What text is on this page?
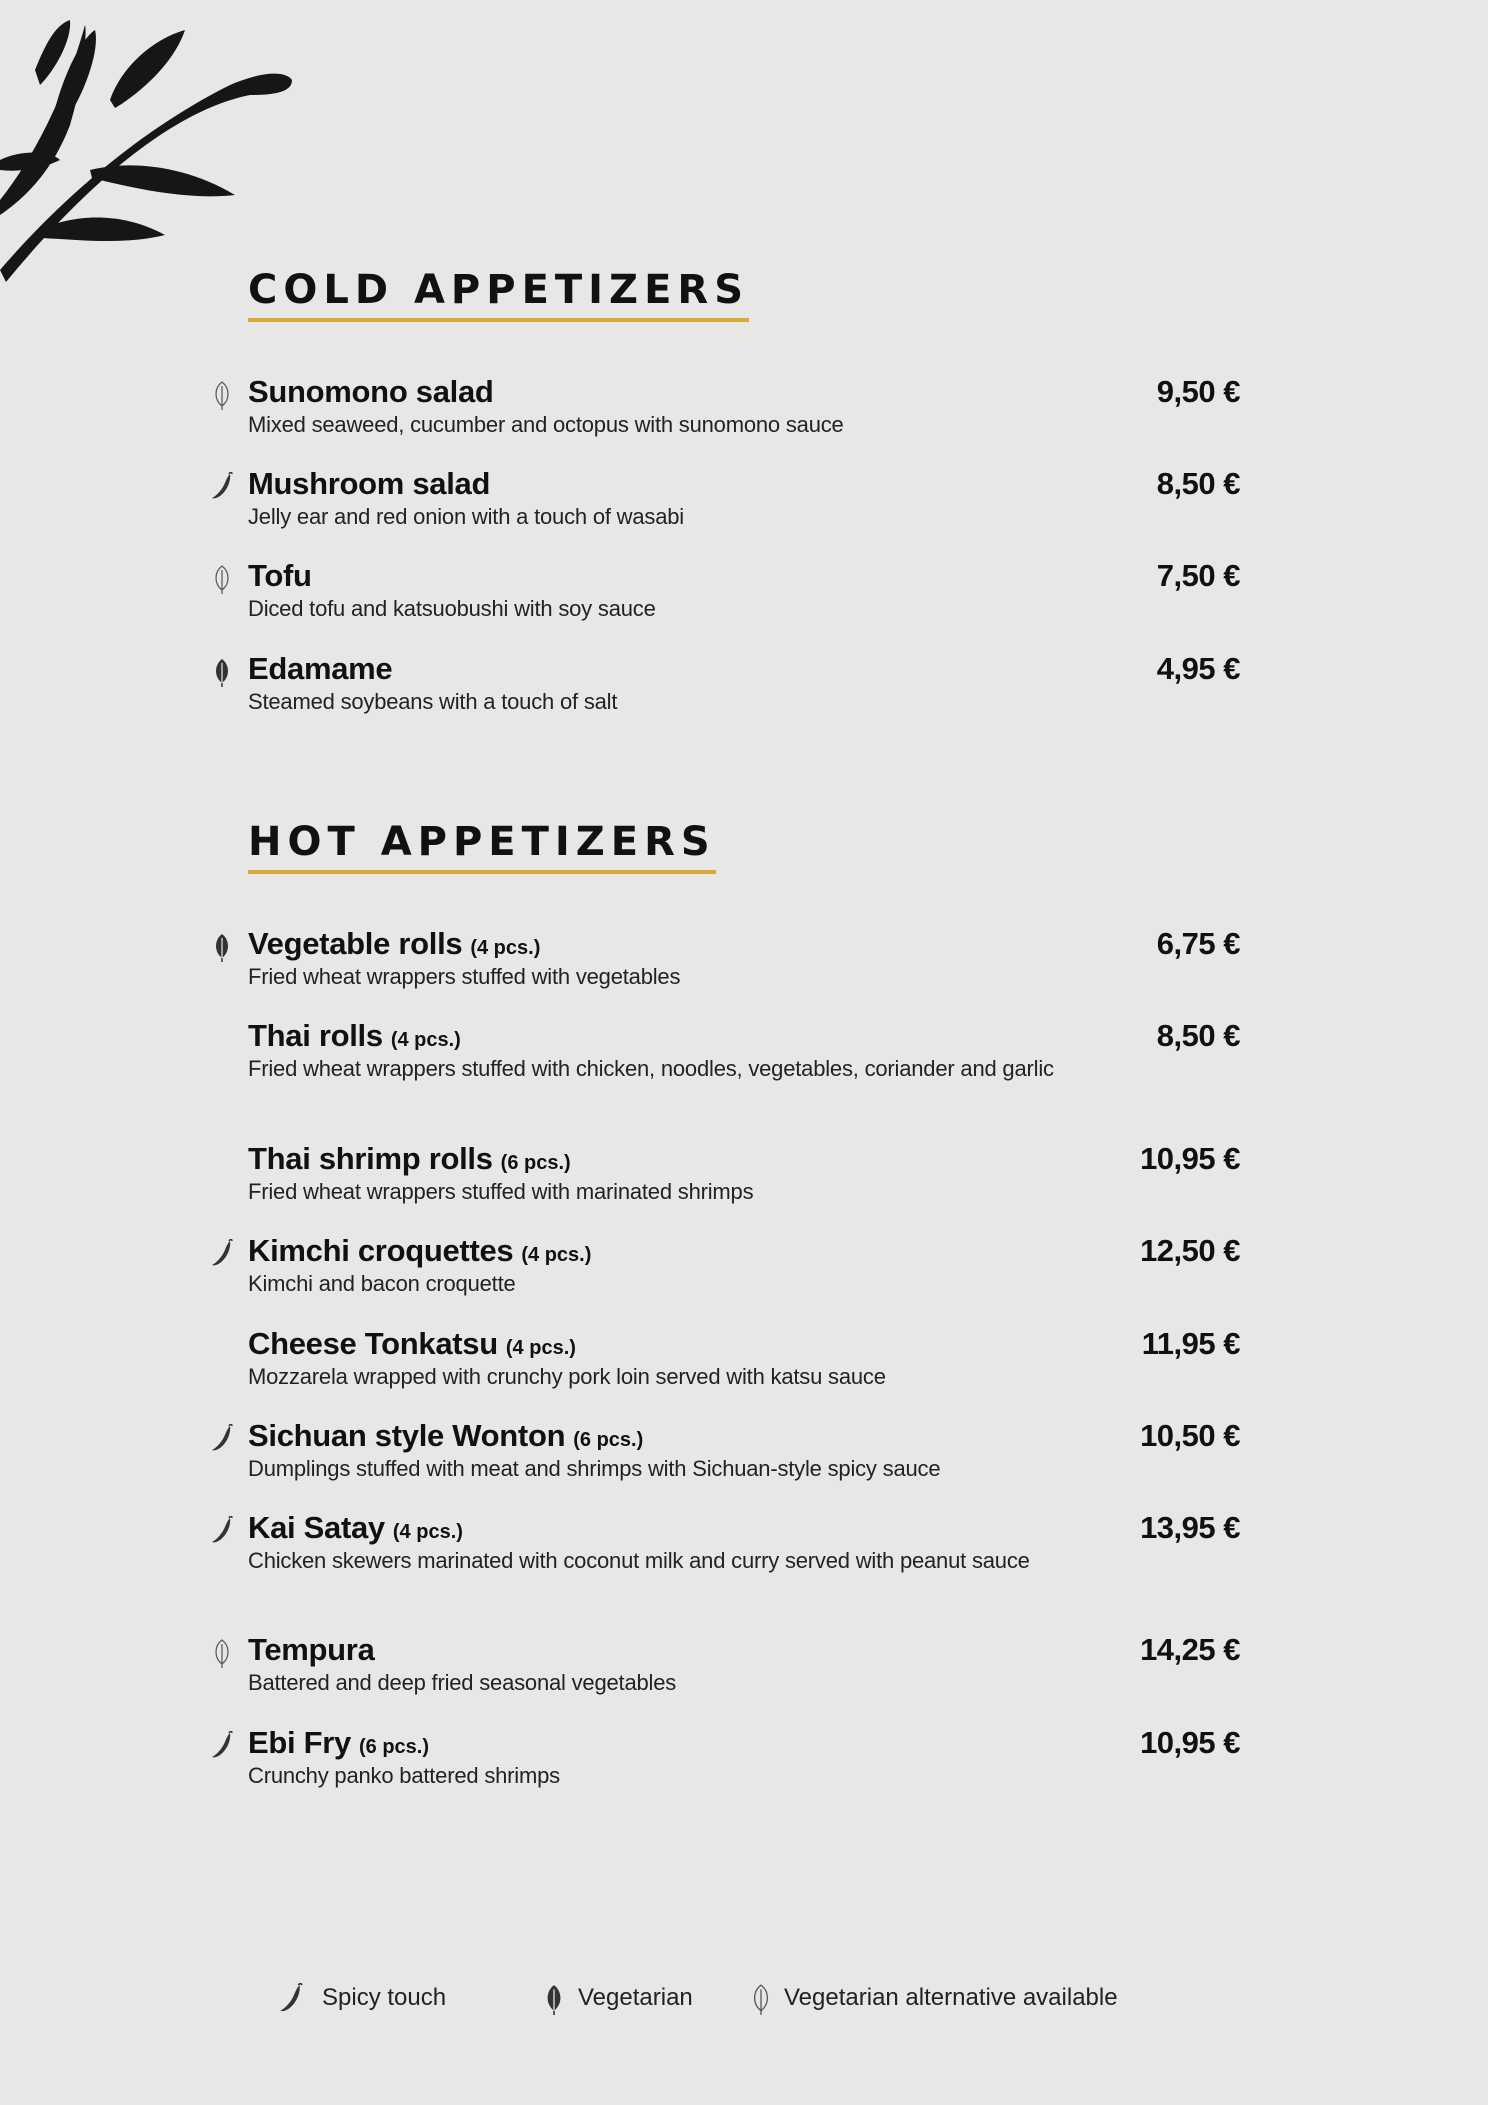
COLD APPETIZERS
Sunomono salad
Mixed seaweed, cucumber and octopus with sunomono sauce
9,50 €
Mushroom salad
Jelly ear and red onion with a touch of wasabi
8,50 €
Tofu
Diced tofu and katsuobushi with soy sauce
7,50 €
Edamame
Steamed soybeans with a touch of salt
4,95 €
HOT APPETIZERS
Vegetable rolls (4 pcs.)
Fried wheat wrappers stuffed with vegetables
6,75 €
Thai rolls (4 pcs.)
Fried wheat wrappers stuffed with chicken, noodles, vegetables, coriander and garlic
8,50 €
Thai shrimp rolls (6 pcs.)
Fried wheat wrappers stuffed with marinated shrimps
10,95 €
Kimchi croquettes (4 pcs.)
Kimchi and bacon croquette
12,50 €
Cheese Tonkatsu (4 pcs.)
Mozzarela wrapped with crunchy pork loin served with katsu sauce
11,95 €
Sichuan style Wonton (6 pcs.)
Dumplings stuffed with meat and shrimps with Sichuan-style spicy sauce
10,50 €
Kai Satay (4 pcs.)
Chicken skewers marinated with coconut milk and curry served with peanut sauce
13,95 €
Tempura
Battered and deep fried seasonal vegetables
14,25 €
Ebi Fry (6 pcs.)
Crunchy panko battered shrimps
10,95 €
Spicy touch	Vegetarian	Vegetarian alternative available
